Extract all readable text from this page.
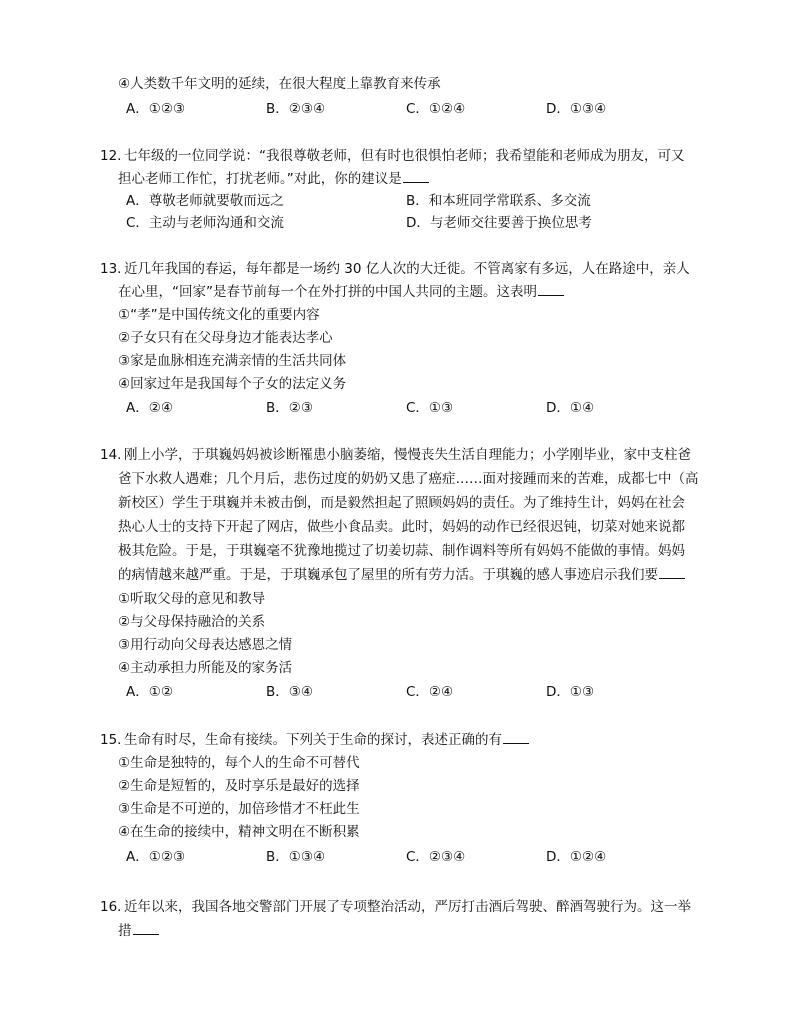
④人类数千年文明的延续，在很大程度上靠教育来传承
A．①②③	B．②③④	C．①②④	D．①③④
12. 七年级的一位同学说：“我很尊敬老师，但有时也很惧怕老师；我希望能和老师成为朋友，可又
担心老师工作忙，打扰老师。”对此，你的建议是
A．尊敬老师就要敬而远之	B．和本班同学常联系、多交流
C．主动与老师沟通和交流	D．与老师交往要善于换位思考
13. 近几年我国的春运，每年都是一场约 30 亿人次的大迁徙。不管离家有多远，人在路途中，亲人
在心里，“回家”是春节前每一个在外打拼的中国人共同的主题。这表明
①“孝”是中国传统文化的重要内容
②子女只有在父母身边才能表达孝心
③家是血脉相连充满亲情的生活共同体
④回家过年是我国每个子女的法定义务
A．②④	B．②③	C．①③	D．①④
14. 刚上小学，于琪巍妈妈被诊断罹患小脑萎缩，慢慢丧失生活自理能力；小学刚毕业，家中支柱爸
爸下水救人遇难；几个月后，悲伤过度的奶奶又患了癌症……面对接踵而来的苦难，成都七中（高
新校区）学生于琪巍并未被击倒，而是毅然担起了照顾妈妈的责任。为了维持生计，妈妈在社会
热心人士的支持下开起了网店，做些小食品卖。此时，妈妈的动作已经很迟钝，切菜对她来说都
极其危险。于是，于琪巍毫不犹豫地揽过了切姜切蒜、制作调料等所有妈妈不能做的事情。妈妈
的病情越来越严重。于是，于琪巍承包了屋里的所有劳力活。于琪巍的感人事迹启示我们要
①听取父母的意见和教导
②与父母保持融洽的关系
③用行动向父母表达感恩之情
④主动承担力所能及的家务活
A．①②	B．③④	C．②④	D．①③
15. 生命有时尽，生命有接续。下列关于生命的探讨，表述正确的有
①生命是独特的，每个人的生命不可替代
②生命是短暂的，及时享乐是最好的选择
③生命是不可逆的，加倍珍惜才不枉此生
④在生命的接续中，精神文明在不断积累
A．①②③	B．①③④	C．②③④	D．①②④
16. 近年以来，我国各地交警部门开展了专项整治活动，严厉打击酒后驾驶、醉酒驾驶行为。这一举
措
